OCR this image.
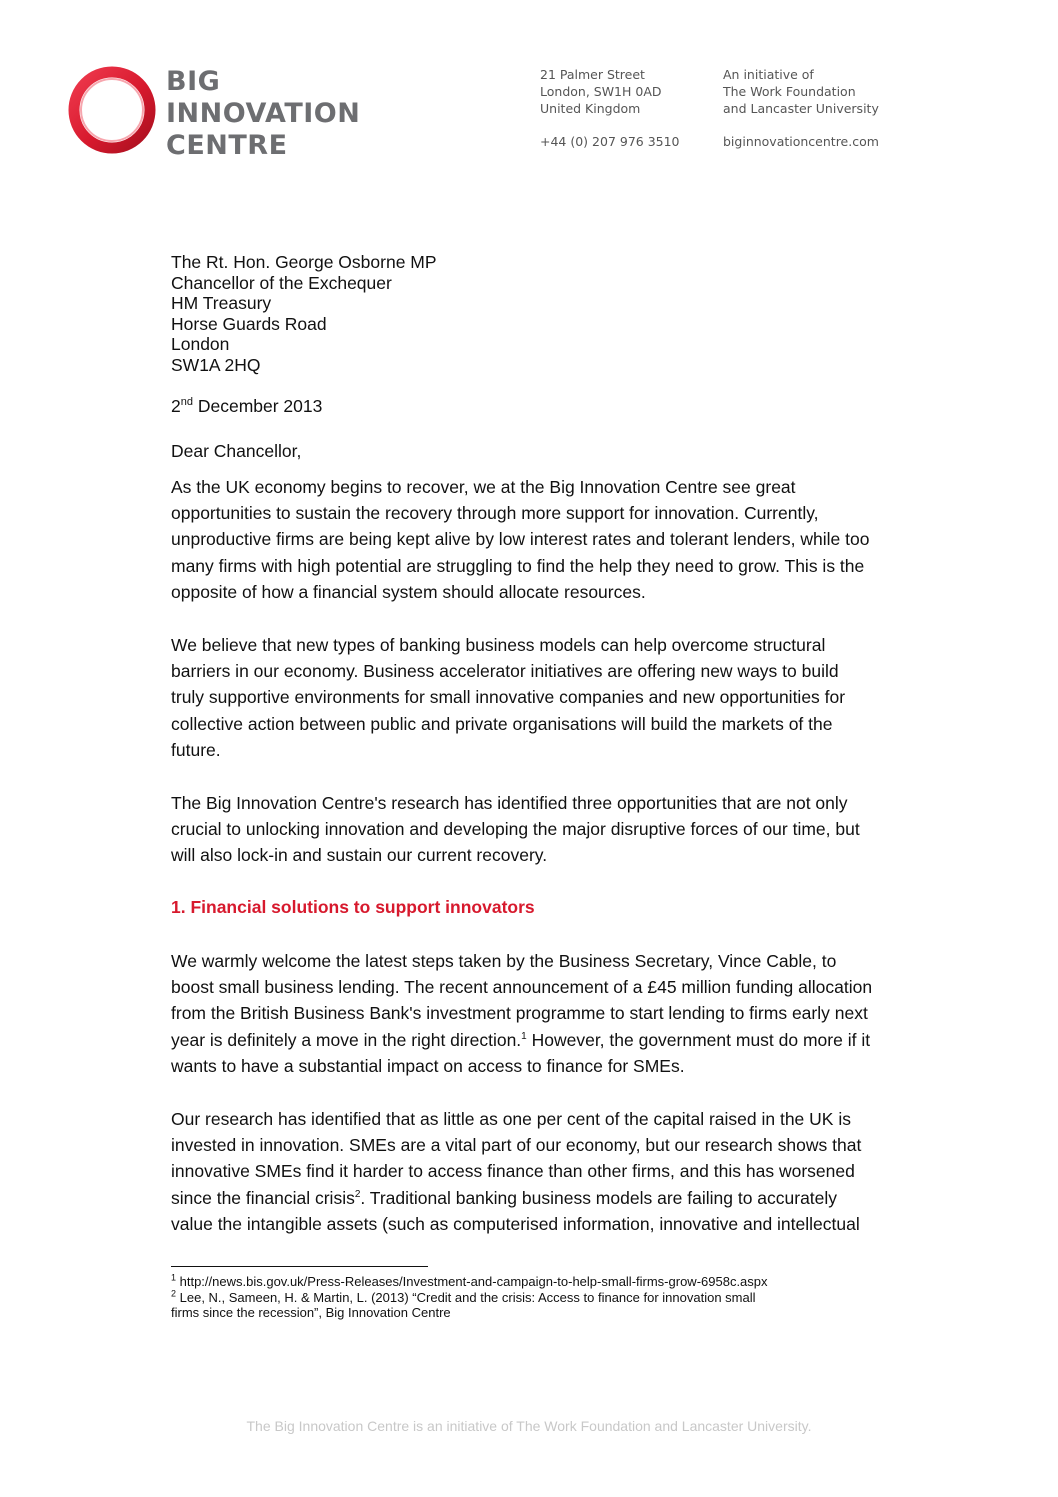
BIG
INNOVATION
CENTRE
21 Palmer Street
London, SW1H 0AD
United Kingdom
An initiative of
The Work Foundation
and Lancaster University
+44 (0) 207 976 3510	biginnovationcentre.com
The Rt. Hon. George Osborne MP
Chancellor of the Exchequer
HM Treasury
Horse Guards Road
London
SW1A 2HQ
2nd December 2013
Dear Chancellor,
As the UK economy begins to recover, we at the Big Innovation Centre see great
opportunities to sustain the recovery through more support for innovation. Currently,
unproductive firms are being kept alive by low interest rates and tolerant lenders, while too
many firms with high potential are struggling to find the help they need to grow. This is the
opposite of how a financial system should allocate resources.
We believe that new types of banking business models can help overcome structural
barriers in our economy. Business accelerator initiatives are offering new ways to build
truly supportive environments for small innovative companies and new opportunities for
collective action between public and private organisations will build the markets of the
future.
The Big Innovation Centre's research has identified three opportunities that are not only
crucial to unlocking innovation and developing the major disruptive forces of our time, but
will also lock-in and sustain our current recovery.
1. Financial solutions to support innovators
We warmly welcome the latest steps taken by the Business Secretary, Vince Cable, to
boost small business lending. The recent announcement of a £45 million funding allocation
from the British Business Bank's investment programme to start lending to firms early next
year is definitely a move in the right direction.$^1$ However, the government must do more if it
wants to have a substantial impact on access to finance for SMEs.
Our research has identified that as little as one per cent of the capital raised in the UK is
invested in innovation. SMEs are a vital part of our economy, but our research shows that
innovative SMEs find it harder to access finance than other firms, and this has worsened
since the financial crisis$^2$. Traditional banking business models are failing to accurately
value the intangible assets (such as computerised information, innovative and intellectual
$^1$ http://news.bis.gov.uk/Press-Releases/Investment-and-campaign-to-help-small-firms-grow-6958c.aspx
$^2$ Lee, N., Sameen, H. & Martin, L. (2013) “Credit and the crisis: Access to finance for innovation small
firms since the recession”, Big Innovation Centre
The Big Innovation Centre is an initiative of The Work Foundation and Lancaster University.
